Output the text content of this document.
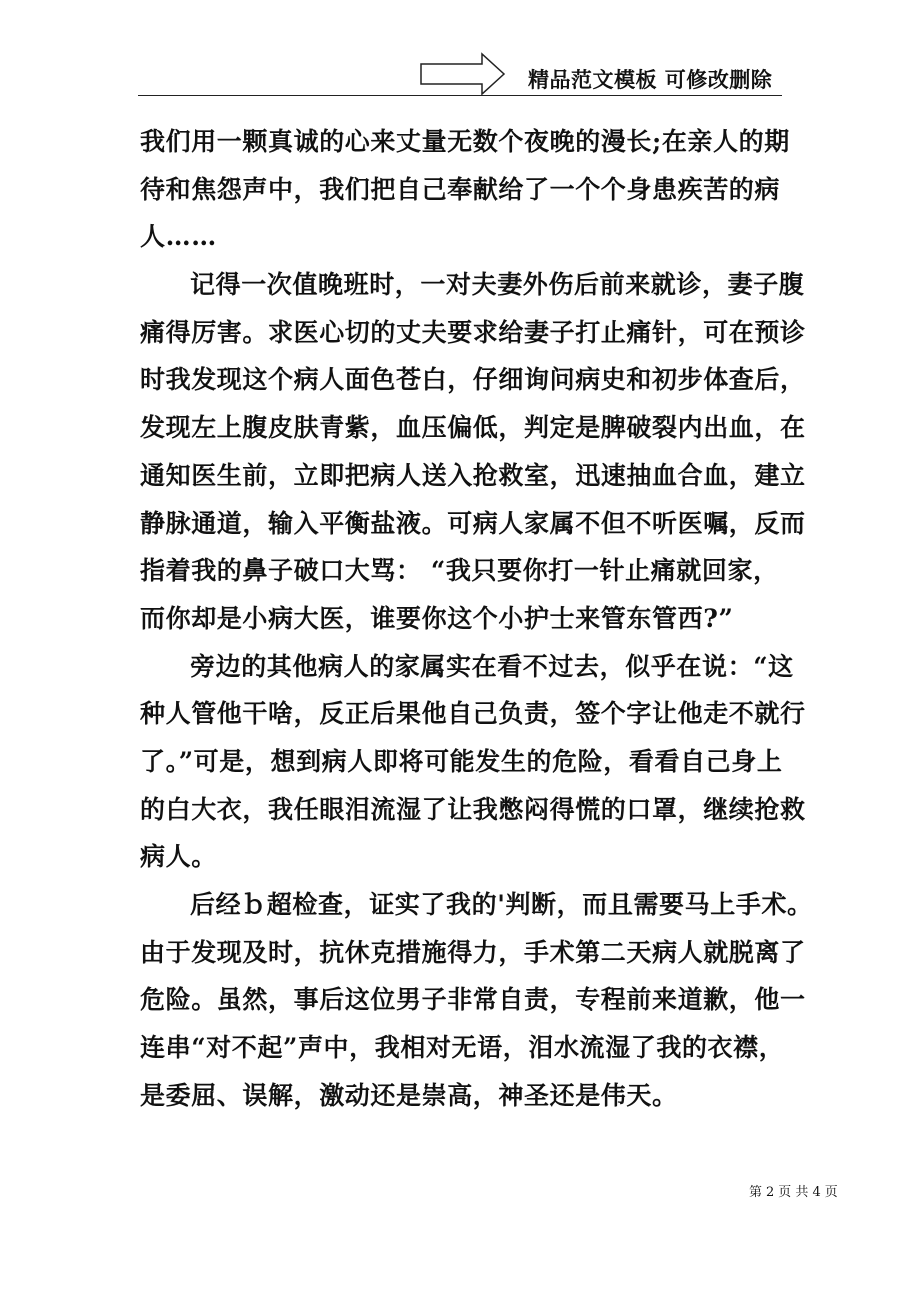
精品范文模板 可修改删除
我们用一颗真诚的心来丈量无数个夜晚的漫长;在亲人的期
待和焦怨声中，我们把自己奉献给了一个个身患疾苦的病
人……
记得一次值晚班时，一对夫妻外伤后前来就诊，妻子腹
痛得厉害。求医心切的丈夫要求给妻子打止痛针，可在预诊
时我发现这个病人面色苍白，仔细询问病史和初步体查后，
发现左上腹皮肤青紫，血压偏低，判定是脾破裂内出血，在
通知医生前，立即把病人送入抢救室，迅速抽血合血，建立
静脉通道，输入平衡盐液。可病人家属不但不听医嘱，反而
指着我的鼻子破口大骂： “我只要你打一针止痛就回家，
而你却是小病大医，谁要你这个小护士来管东管西?”
旁边的其他病人的家属实在看不过去，似乎在说：“这
种人管他干啥，反正后果他自己负责，签个字让他走不就行
了。”可是，想到病人即将可能发生的危险，看看自己身上
的白大衣，我任眼泪流湿了让我憋闷得慌的口罩，继续抢救
病人。
后经ｂ超检查，证实了我的'判断，而且需要马上手术。
由于发现及时，抗休克措施得力，手术第二天病人就脱离了
危险。虽然，事后这位男子非常自责，专程前来道歉，他一
连串“对不起”声中，我相对无语，泪水流湿了我的衣襟，
是委屈、误解，激动还是崇高，神圣还是伟天。
第 2 页 共 4 页
